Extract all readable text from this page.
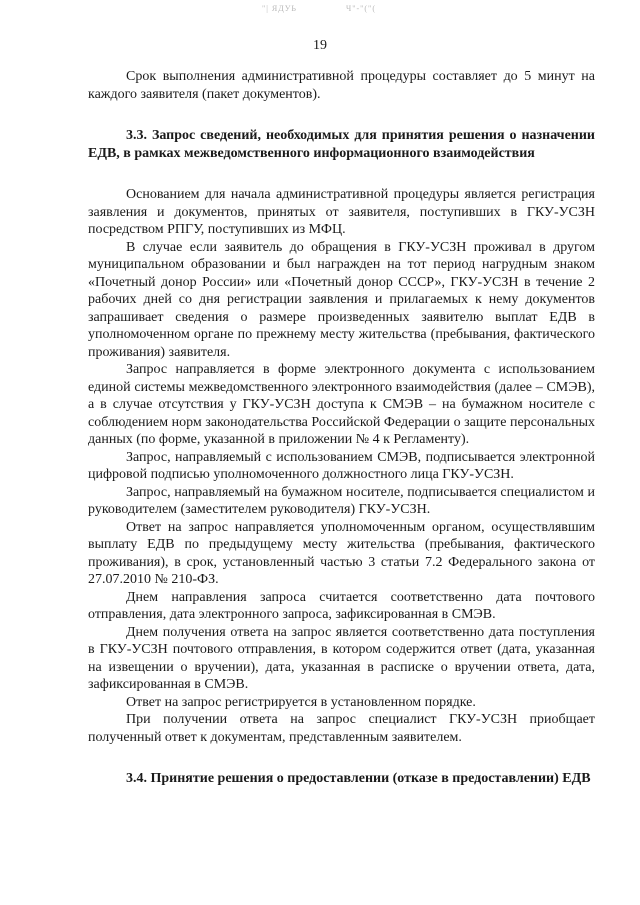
"| ЯДУЬ	Ч"-"("(
19

Срок выполнения административной процедуры составляет до 5 минут на каждого заявителя (пакет документов).

3.3. Запрос сведений, необходимых для принятия решения о назначении ЕДВ, в рамках межведомственного информационного взаимодействия

Основанием для начала административной процедуры является регистрация заявления и документов, принятых от заявителя, поступивших в ГКУ-УСЗН посредством РПГУ, поступивших из МФЦ.

В случае если заявитель до обращения в ГКУ-УСЗН проживал в другом муниципальном образовании и был награжден на тот период нагрудным знаком «Почетный донор России» или «Почетный донор СССР», ГКУ-УСЗН в течение 2 рабочих дней со дня регистрации заявления и прилагаемых к нему документов запрашивает сведения о размере произведенных заявителю выплат ЕДВ в уполномоченном органе по прежнему месту жительства (пребывания, фактического проживания) заявителя.

Запрос направляется в форме электронного документа с использованием единой системы межведомственного электронного взаимодействия (далее – СМЭВ), а в случае отсутствия у ГКУ-УСЗН доступа к СМЭВ – на бумажном носителе с соблюдением норм законодательства Российской Федерации о защите персональных данных (по форме, указанной в приложении № 4 к Регламенту).

Запрос, направляемый с использованием СМЭВ, подписывается электронной цифровой подписью уполномоченного должностного лица ГКУ-УСЗН.

Запрос, направляемый на бумажном носителе, подписывается специалистом и руководителем (заместителем руководителя) ГКУ-УСЗН.

Ответ на запрос направляется уполномоченным органом, осуществлявшим выплату ЕДВ по предыдущему месту жительства (пребывания, фактического проживания), в срок, установленный частью 3 статьи 7.2 Федерального закона от 27.07.2010 № 210-ФЗ.

Днем направления запроса считается соответственно дата почтового отправления, дата электронного запроса, зафиксированная в СМЭВ.

Днем получения ответа на запрос является соответственно дата поступления в ГКУ-УСЗН почтового отправления, в котором содержится ответ (дата, указанная на извещении о вручении), дата, указанная в расписке о вручении ответа, дата, зафиксированная в СМЭВ.

Ответ на запрос регистрируется в установленном порядке.

При получении ответа на запрос специалист ГКУ-УСЗН приобщает полученный ответ к документам, представленным заявителем.

3.4. Принятие решения о предоставлении (отказе в предоставлении) ЕДВ
